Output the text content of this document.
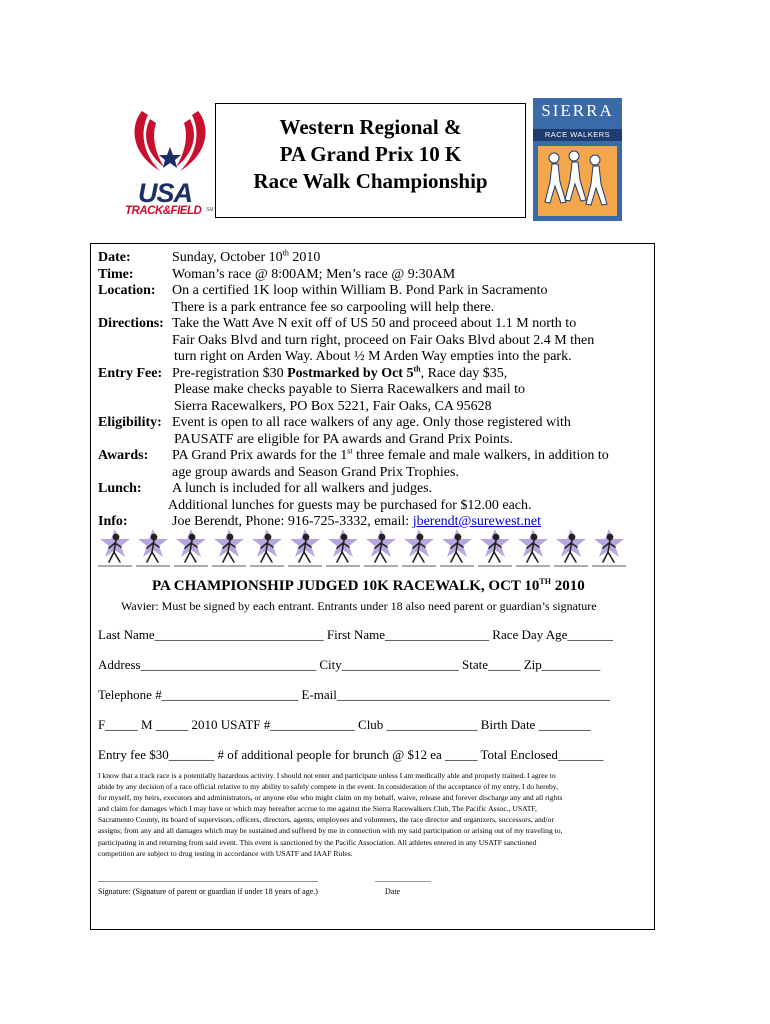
USA
TRACK&FIELD SM
Western Regional &
PA Grand Prix 10 K
Race Walk Championship
SIERRA
RACE WALKERS
Date:	Sunday, October 10th 2010
Time:	Woman’s race @ 8:00AM; Men’s race @ 9:30AM
Location: On a certified 1K loop within William B. Pond Park in Sacramento
There is a park entrance fee so carpooling will help there.
Directions: Take the Watt Ave N exit off of US 50 and proceed about 1.1 M north to
Fair Oaks Blvd and turn right, proceed on Fair Oaks Blvd about 2.4 M then
turn right on Arden Way. About ½ M Arden Way empties into the park.
Entry Fee: Pre-registration $30 Postmarked by Oct 5th, Race day $35,
Please make checks payable to Sierra Racewalkers and mail to
Sierra Racewalkers, PO Box 5221, Fair Oaks, CA 95628
Eligibility: Event is open to all race walkers of any age. Only those registered with
PAUSATF are eligible for PA awards and Grand Prix Points.
Awards: PA Grand Prix awards for the 1st three female and male walkers, in addition to
age group awards and Season Grand Prix Trophies.
Lunch: A lunch is included for all walkers and judges.
Additional lunches for guests may be purchased for $12.00 each.
Info:	Joe Berendt, Phone: 916-725-3332, email: jberendt@surewest.net
PA CHAMPIONSHIP JUDGED 10K RACEWALK, OCT 10TH 2010
Wavier: Must be signed by each entrant. Entrants under 18 also need parent or guardian’s signature
Last Name__________________________ First Name________________ Race Day Age_______
Address___________________________ City__________________ State_____ Zip_________
Telephone #_____________________ E-mail__________________________________________
F_____ M _____ 2010 USATF #_____________ Club ______________ Birth Date ________
Entry fee $30_______ # of additional people for brunch @ $12 ea _____ Total Enclosed_______
I know that a track race is a potentially hazardous activity. I should not enter and participate unless I am medically able and properly trained. I agree to
abide by any decision of a race official relative to my ability to safely compete in the event. In consideration of the acceptance of my entry, I do hereby,
for myself, my heirs, executors and administrators, or anyone else who might claim on my behalf, waive, release and forever discharge any and all rights
and claim for damages which I may have or which may hereafter accrue to me against the Sierra Racewalkers Club, The Pacific Assoc., USATF,
Sacramento County, its board of supervisors, officers, directors, agents, employees and volunteers, the race director and organizers, successors, and/or
assigns; from any and all damages which may be sustained and suffered by me in connection with my said participation or arising out of my traveling to,
participating in and returning from said event. This event is sanctioned by the Pacific Association. All athletes entered in any USATF sanctioned
competition are subject to drug testing in accordance with USATF and IAAF Rules.
_______________________________________________________
Signature: (Signature of parent or guardian if under 18 years of age.)
______________
Date
